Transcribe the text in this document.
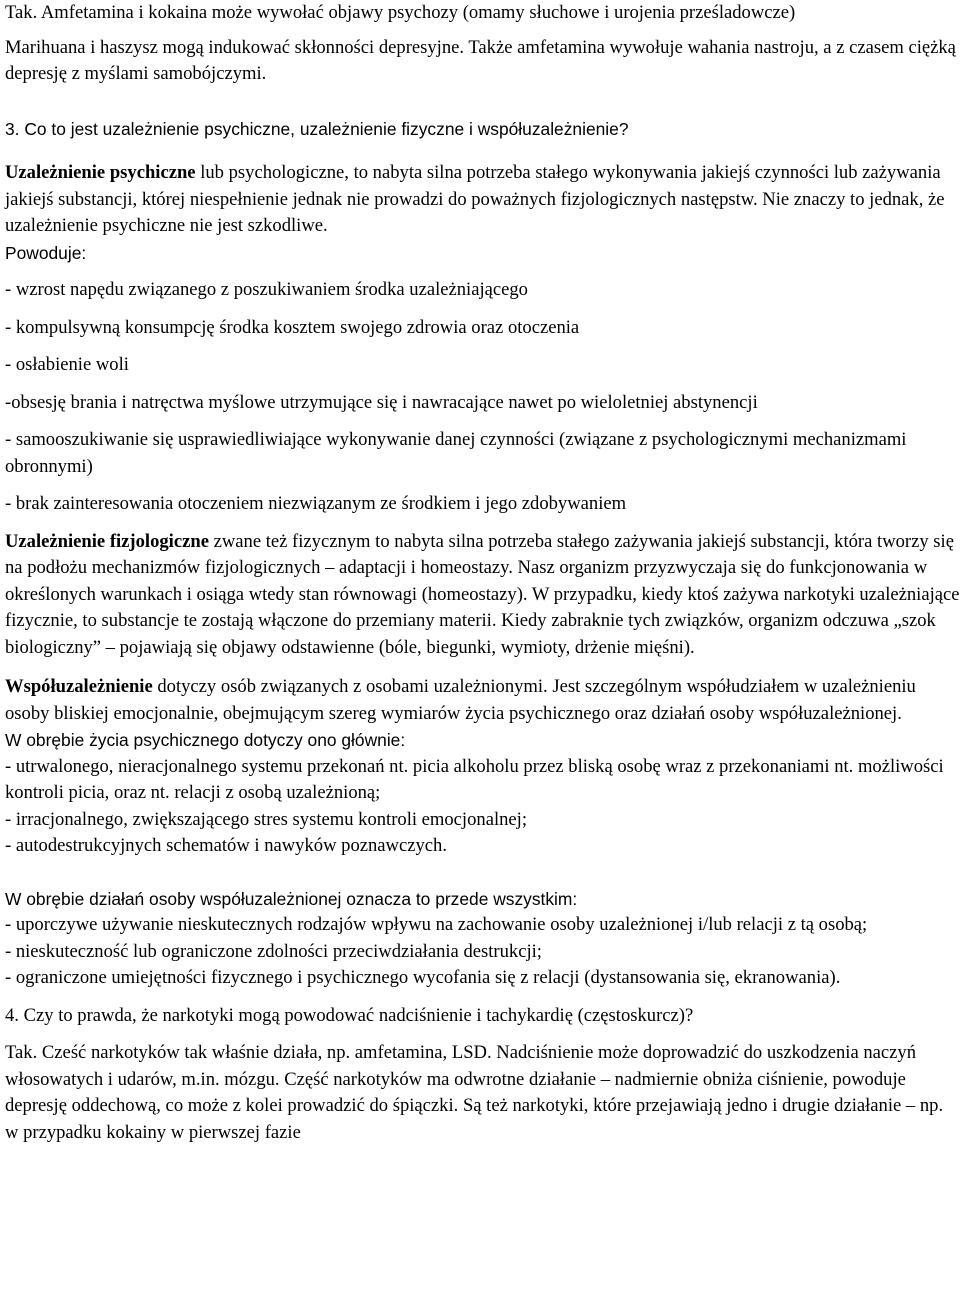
Tak. Amfetamina i kokaina może wywołać objawy psychozy (omamy słuchowe i urojenia prześladowcze)

Marihuana i haszysz mogą indukować skłonności depresyjne. Także amfetamina wywołuje wahania nastroju, a z czasem ciężką depresję z myślami samobójczymi.

3. Co to jest uzależnienie psychiczne, uzależnienie fizyczne i współuzależnienie?

Uzależnienie psychiczne lub psychologiczne, to nabyta silna potrzeba stałego wykonywania jakiejś czynności lub zażywania jakiejś substancji, której niespełnienie jednak nie prowadzi do poważnych fizjologicznych następstw. Nie znaczy to jednak, że uzależnienie psychiczne nie jest szkodliwe.

Powoduje:

- wzrost napędu związanego z poszukiwaniem środka uzależniającego

- kompulsywną konsumpcję środka kosztem swojego zdrowia oraz otoczenia

- osłabienie woli

-obsesję brania i natręctwa myślowe utrzymujące się i nawracające nawet po wieloletniej abstynencji

- samooszukiwanie się usprawiedliwiające wykonywanie danej czynności (związane z psychologicznymi mechanizmami obronnymi)

- brak zainteresowania otoczeniem niezwiązanym ze środkiem i jego zdobywaniem

Uzależnienie fizjologiczne zwane też fizycznym to nabyta silna potrzeba stałego zażywania jakiejś substancji, która tworzy się na podłożu mechanizmów fizjologicznych – adaptacji i homeostazy. Nasz organizm przyzwyczaja się do funkcjonowania w określonych warunkach i osiąga wtedy stan równowagi (homeostazy). W przypadku, kiedy ktoś zażywa narkotyki uzależniające fizycznie, to substancje te zostają włączone do przemiany materii. Kiedy zabraknie tych związków, organizm odczuwa „szok biologiczny” – pojawiają się objawy odstawienne (bóle, biegunki, wymioty, drżenie mięśni).

Współuzależnienie dotyczy osób związanych z osobami uzależnionymi. Jest szczególnym współudziałem w uzależnieniu osoby bliskiej emocjonalnie, obejmującym szereg wymiarów życia psychicznego oraz działań osoby współuzależnionej.

W obrębie życia psychicznego dotyczy ono głównie:

- utrwalonego, nieracjonalnego systemu przekonań nt. picia alkoholu przez bliską osobę wraz z przekonaniami nt. możliwości kontroli picia, oraz nt. relacji z osobą uzależnioną;

- irracjonalnego, zwiększającego stres systemu kontroli emocjonalnej;

- autodestrukcyjnych schematów i nawyków poznawczych.

W obrębie działań osoby współuzależnionej oznacza to przede wszystkim:

- uporczywe używanie nieskutecznych rodzajów wpływu na zachowanie osoby uzależnionej i/lub relacji z tą osobą;

- nieskuteczność lub ograniczone zdolności przeciwdziałania destrukcji;

- ograniczone umiejętności fizycznego i psychicznego wycofania się z relacji (dystansowania się, ekranowania).

4. Czy to prawda, że narkotyki mogą powodować nadciśnienie i tachykardię (częstoskurcz)?

Tak. Cześć narkotyków tak właśnie działa, np. amfetamina, LSD. Nadciśnienie może doprowadzić do uszkodzenia naczyń włosowatych i udarów, m.in. mózgu. Część narkotyków ma odwrotne działanie – nadmiernie obniża ciśnienie, powoduje depresję oddechową, co może z kolei prowadzić do śpiączki. Są też narkotyki, które przejawiają jedno i drugie działanie – np. w przypadku kokainy w pierwszej fazie
